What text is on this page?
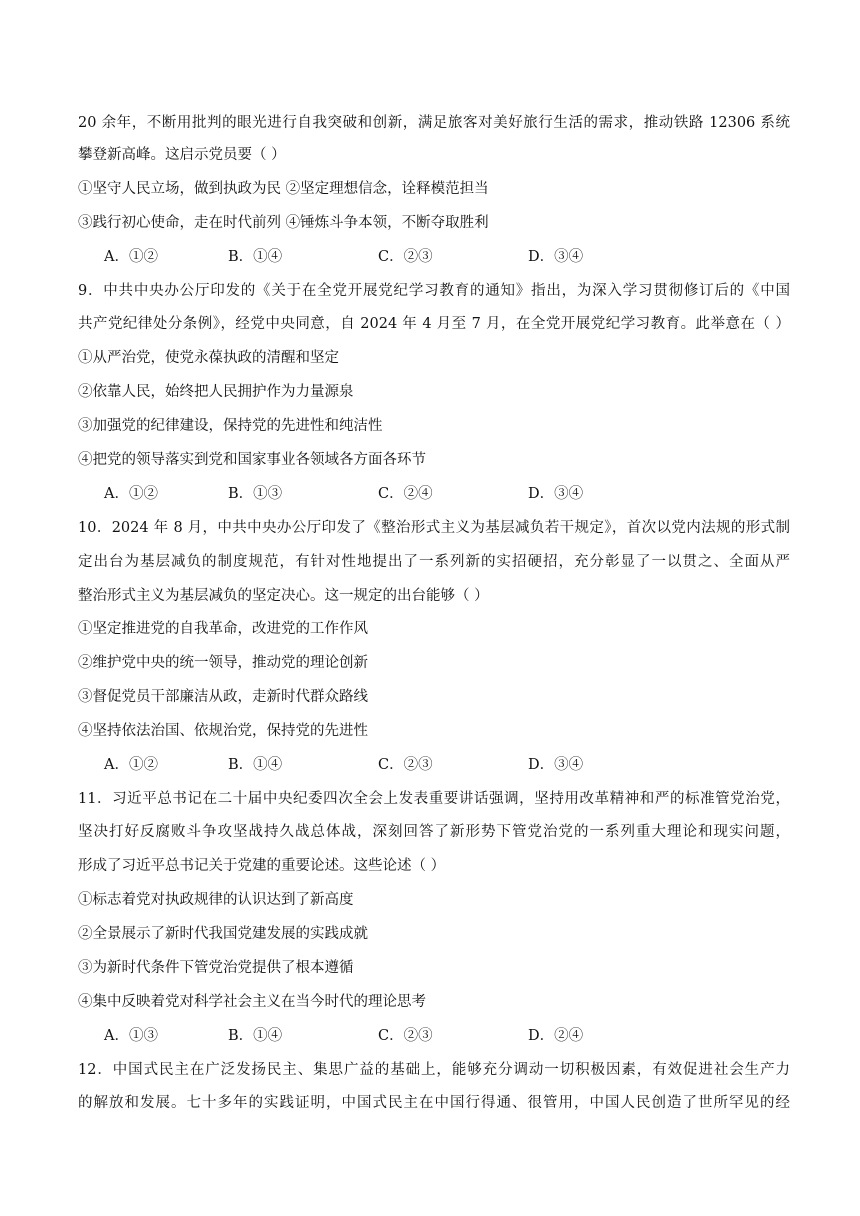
20 余年，不断用批判的眼光进行自我突破和创新，满足旅客对美好旅行生活的需求，推动铁路 12306 系统
攀登新高峰。这启示党员要（ ）
①坚守人民立场，做到执政为民 ②坚定理想信念，诠释模范担当
③践行初心使命，走在时代前列 ④锤炼斗争本领，不断夺取胜利
A．①②	B．①④	C．②③	D．③④
9．中共中央办公厅印发的《关于在全党开展党纪学习教育的通知》指出，为深入学习贯彻修订后的《中国
共产党纪律处分条例》，经党中央同意，自 2024 年 4 月至 7 月，在全党开展党纪学习教育。此举意在（ ）
①从严治党，使党永葆执政的清醒和坚定
②依靠人民，始终把人民拥护作为力量源泉
③加强党的纪律建设，保持党的先进性和纯洁性
④把党的领导落实到党和国家事业各领域各方面各环节
A．①②	B．①③	C．②④	D．③④
10．2024 年 8 月，中共中央办公厅印发了《整治形式主义为基层减负若干规定》，首次以党内法规的形式制
定出台为基层减负的制度规范，有针对性地提出了一系列新的实招硬招，充分彰显了一以贯之、全面从严
整治形式主义为基层减负的坚定决心。这一规定的出台能够（ ）
①坚定推进党的自我革命，改进党的工作作风
②维护党中央的统一领导，推动党的理论创新
③督促党员干部廉洁从政，走新时代群众路线
④坚持依法治国、依规治党，保持党的先进性
A．①②	B．①④	C．②③	D．③④
11．习近平总书记在二十届中央纪委四次全会上发表重要讲话强调，坚持用改革精神和严的标准管党治党，
坚决打好反腐败斗争攻坚战持久战总体战，深刻回答了新形势下管党治党的一系列重大理论和现实问题，
形成了习近平总书记关于党建的重要论述。这些论述（ ）
①标志着党对执政规律的认识达到了新高度
②全景展示了新时代我国党建发展的实践成就
③为新时代条件下管党治党提供了根本遵循
④集中反映着党对科学社会主义在当今时代的理论思考
A．①③	B．①④	C．②③	D．②④
12．中国式民主在广泛发扬民主、集思广益的基础上，能够充分调动一切积极因素，有效促进社会生产力
的解放和发展。七十多年的实践证明，中国式民主在中国行得通、很管用，中国人民创造了世所罕见的经
